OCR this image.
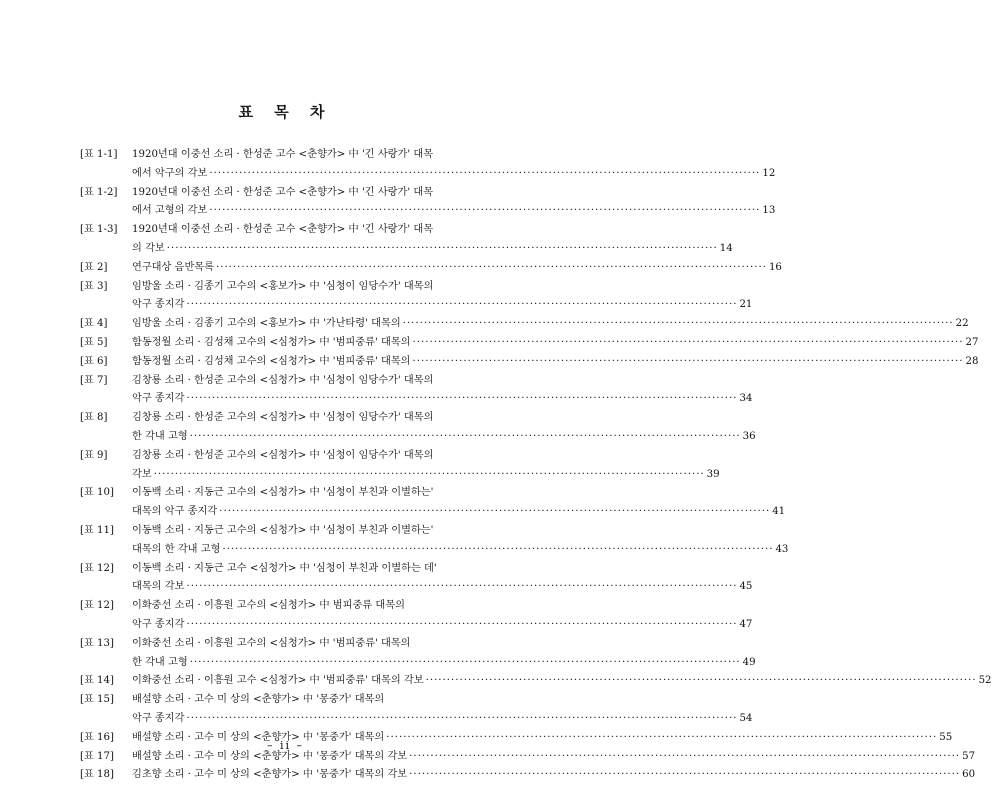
표 목 차
[표 1-1]	1920년대 이중선 소리 · 한성준 고수 <춘향가> 中 '긴 사랑가' 대목
에서 악구의 각보 ·····	12
[표 1-2]	1920년대 이중선 소리 · 한성준 고수 <춘향가> 中 '긴 사랑가' 대목
에서 고형의 각보 ·····	13
[표 1-3]	1920년대 이중선 소리 · 한성준 고수 <춘향가> 中 '긴 사랑가' 대목
의 각보 ·····	14
[표 2]	연구대상 음반목록 ·····	16
[표 3]	임방울 소리 · 김종기 고수의 <홍보가> 中 '심청이 임당수가' 대목의
악구 종지각 ·····	21
[표 4]	임방울 소리 · 김종기 고수의 <홍보가> 中 '가난타령' 대목의 ·····	22
[표 5]	함동정월 소리 · 김성채 고수의 <심청가> 中 '범피중류' 대목의 ·····	27
[표 6]	함동정월 소리 · 김성채 고수의 <심청가> 中 '범피중류' 대목의 ·····	28
[표 7]	김창룡 소리 · 한성준 고수의 <심청가> 中 '심청이 임당수가' 대목의
악구 종지각 ·····	34
[표 8]	김창룡 소리 · 한성준 고수의 <심청가> 中 '심청이 임당수가' 대목의
한 각내 고형 ·····	36
[표 9]	김창룡 소리 · 한성준 고수의 <심청가> 中 '심청이 임당수가' 대목의
각보 ·····	39
[표 10]	이동백 소리 · 지동근 고수의 <심청가> 中 '심청이 부친과 이별하는'
대목의 악구 종지각 ·····	41
[표 11]	이동백 소리 · 지동근 고수의 <심청가> 中 '심청이 부친과 이별하는'
대목의 한 각내 고형 ·····	43
[표 12]	이동백 소리 · 지동근 고수 <심청가> 中 '심청이 부친과 이별하는 데'
대목의 각보 ·····	45
[표 12]	이화중선 소리 · 이흥원 고수의 <심청가> 中 범피중류 대목의
악구 종지각 ·····	47
[표 13]	이화중선 소리 · 이흥원 고수의 <심청가> 中 '범피중류' 대목의
한 각내 고형 ·····	49
[표 14]	이화중선 소리 · 이흥원 고수 <심청가> 中 '범피중류' 대목의 각보 ·····	52
[표 15]	배설향 소리 · 고수 미 상의 <춘향가> 中 '몽중가' 대목의
악구 종지각 ·····	54
[표 16]	배설향 소리 · 고수 미 상의 <춘향가> 中 '몽중가' 대목의 ·····	55
[표 17]	배설향 소리 · 고수 미 상의 <춘향가> 中 '몽중가' 대목의 각보 ·····	57
[표 18]	김초향 소리 · 고수 미 상의 <춘향가> 中 '몽중가' 대목의 각보 ·····	60
– ii –
